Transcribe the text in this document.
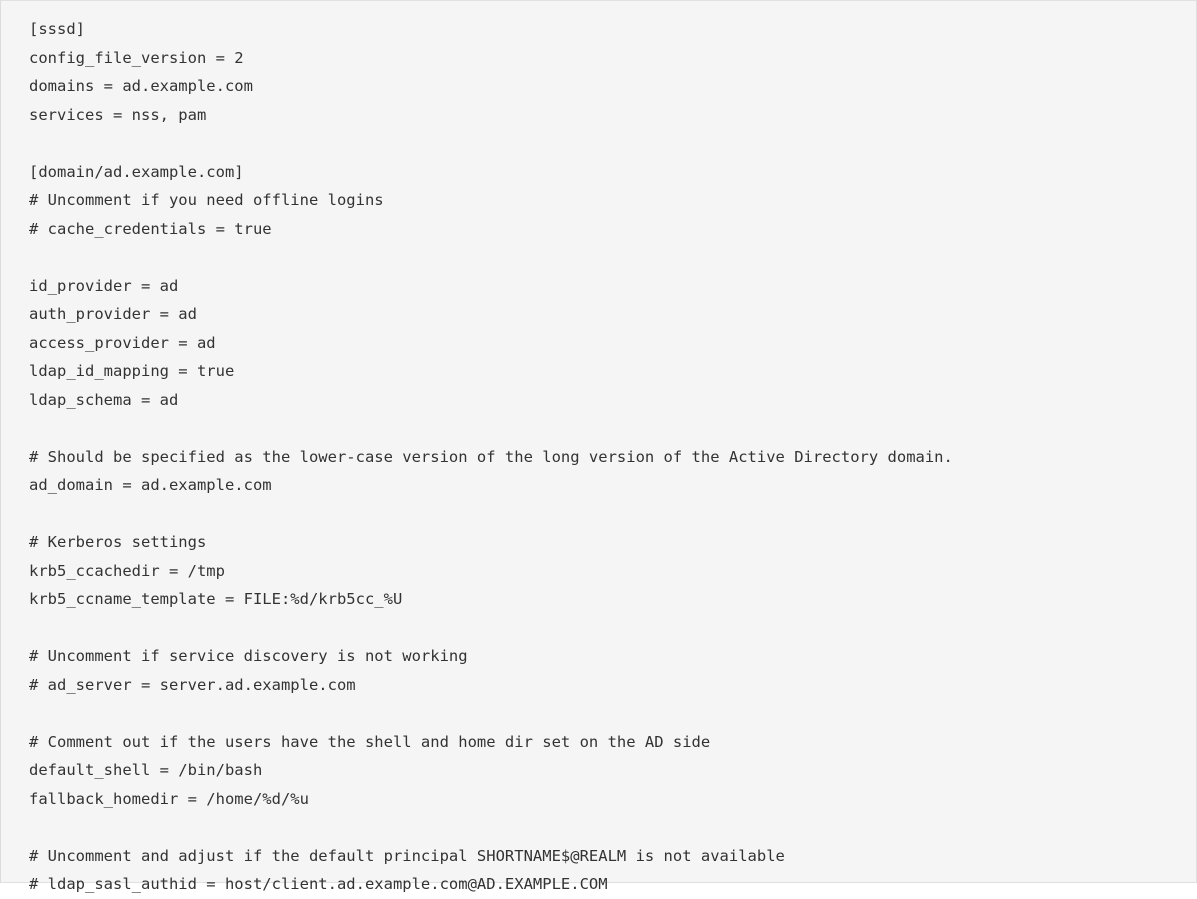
[sssd]
config_file_version = 2
domains = ad.example.com
services = nss, pam
[domain/ad.example.com]
# Uncomment if you need offline logins
# cache_credentials = true
id_provider = ad
auth_provider = ad
access_provider = ad
ldap_id_mapping = true
ldap_schema = ad
# Should be specified as the lower-case version of the long version of the Active Directory domain.
ad_domain = ad.example.com
# Kerberos settings
krb5_ccachedir = /tmp
krb5_ccname_template = FILE:%d/krb5cc_%U
# Uncomment if service discovery is not working
# ad_server = server.ad.example.com
# Comment out if the users have the shell and home dir set on the AD side
default_shell = /bin/bash
fallback_homedir = /home/%d/%u
# Uncomment and adjust if the default principal SHORTNAME$@REALM is not available
# ldap_sasl_authid = host/client.ad.example.com@AD.EXAMPLE.COM
